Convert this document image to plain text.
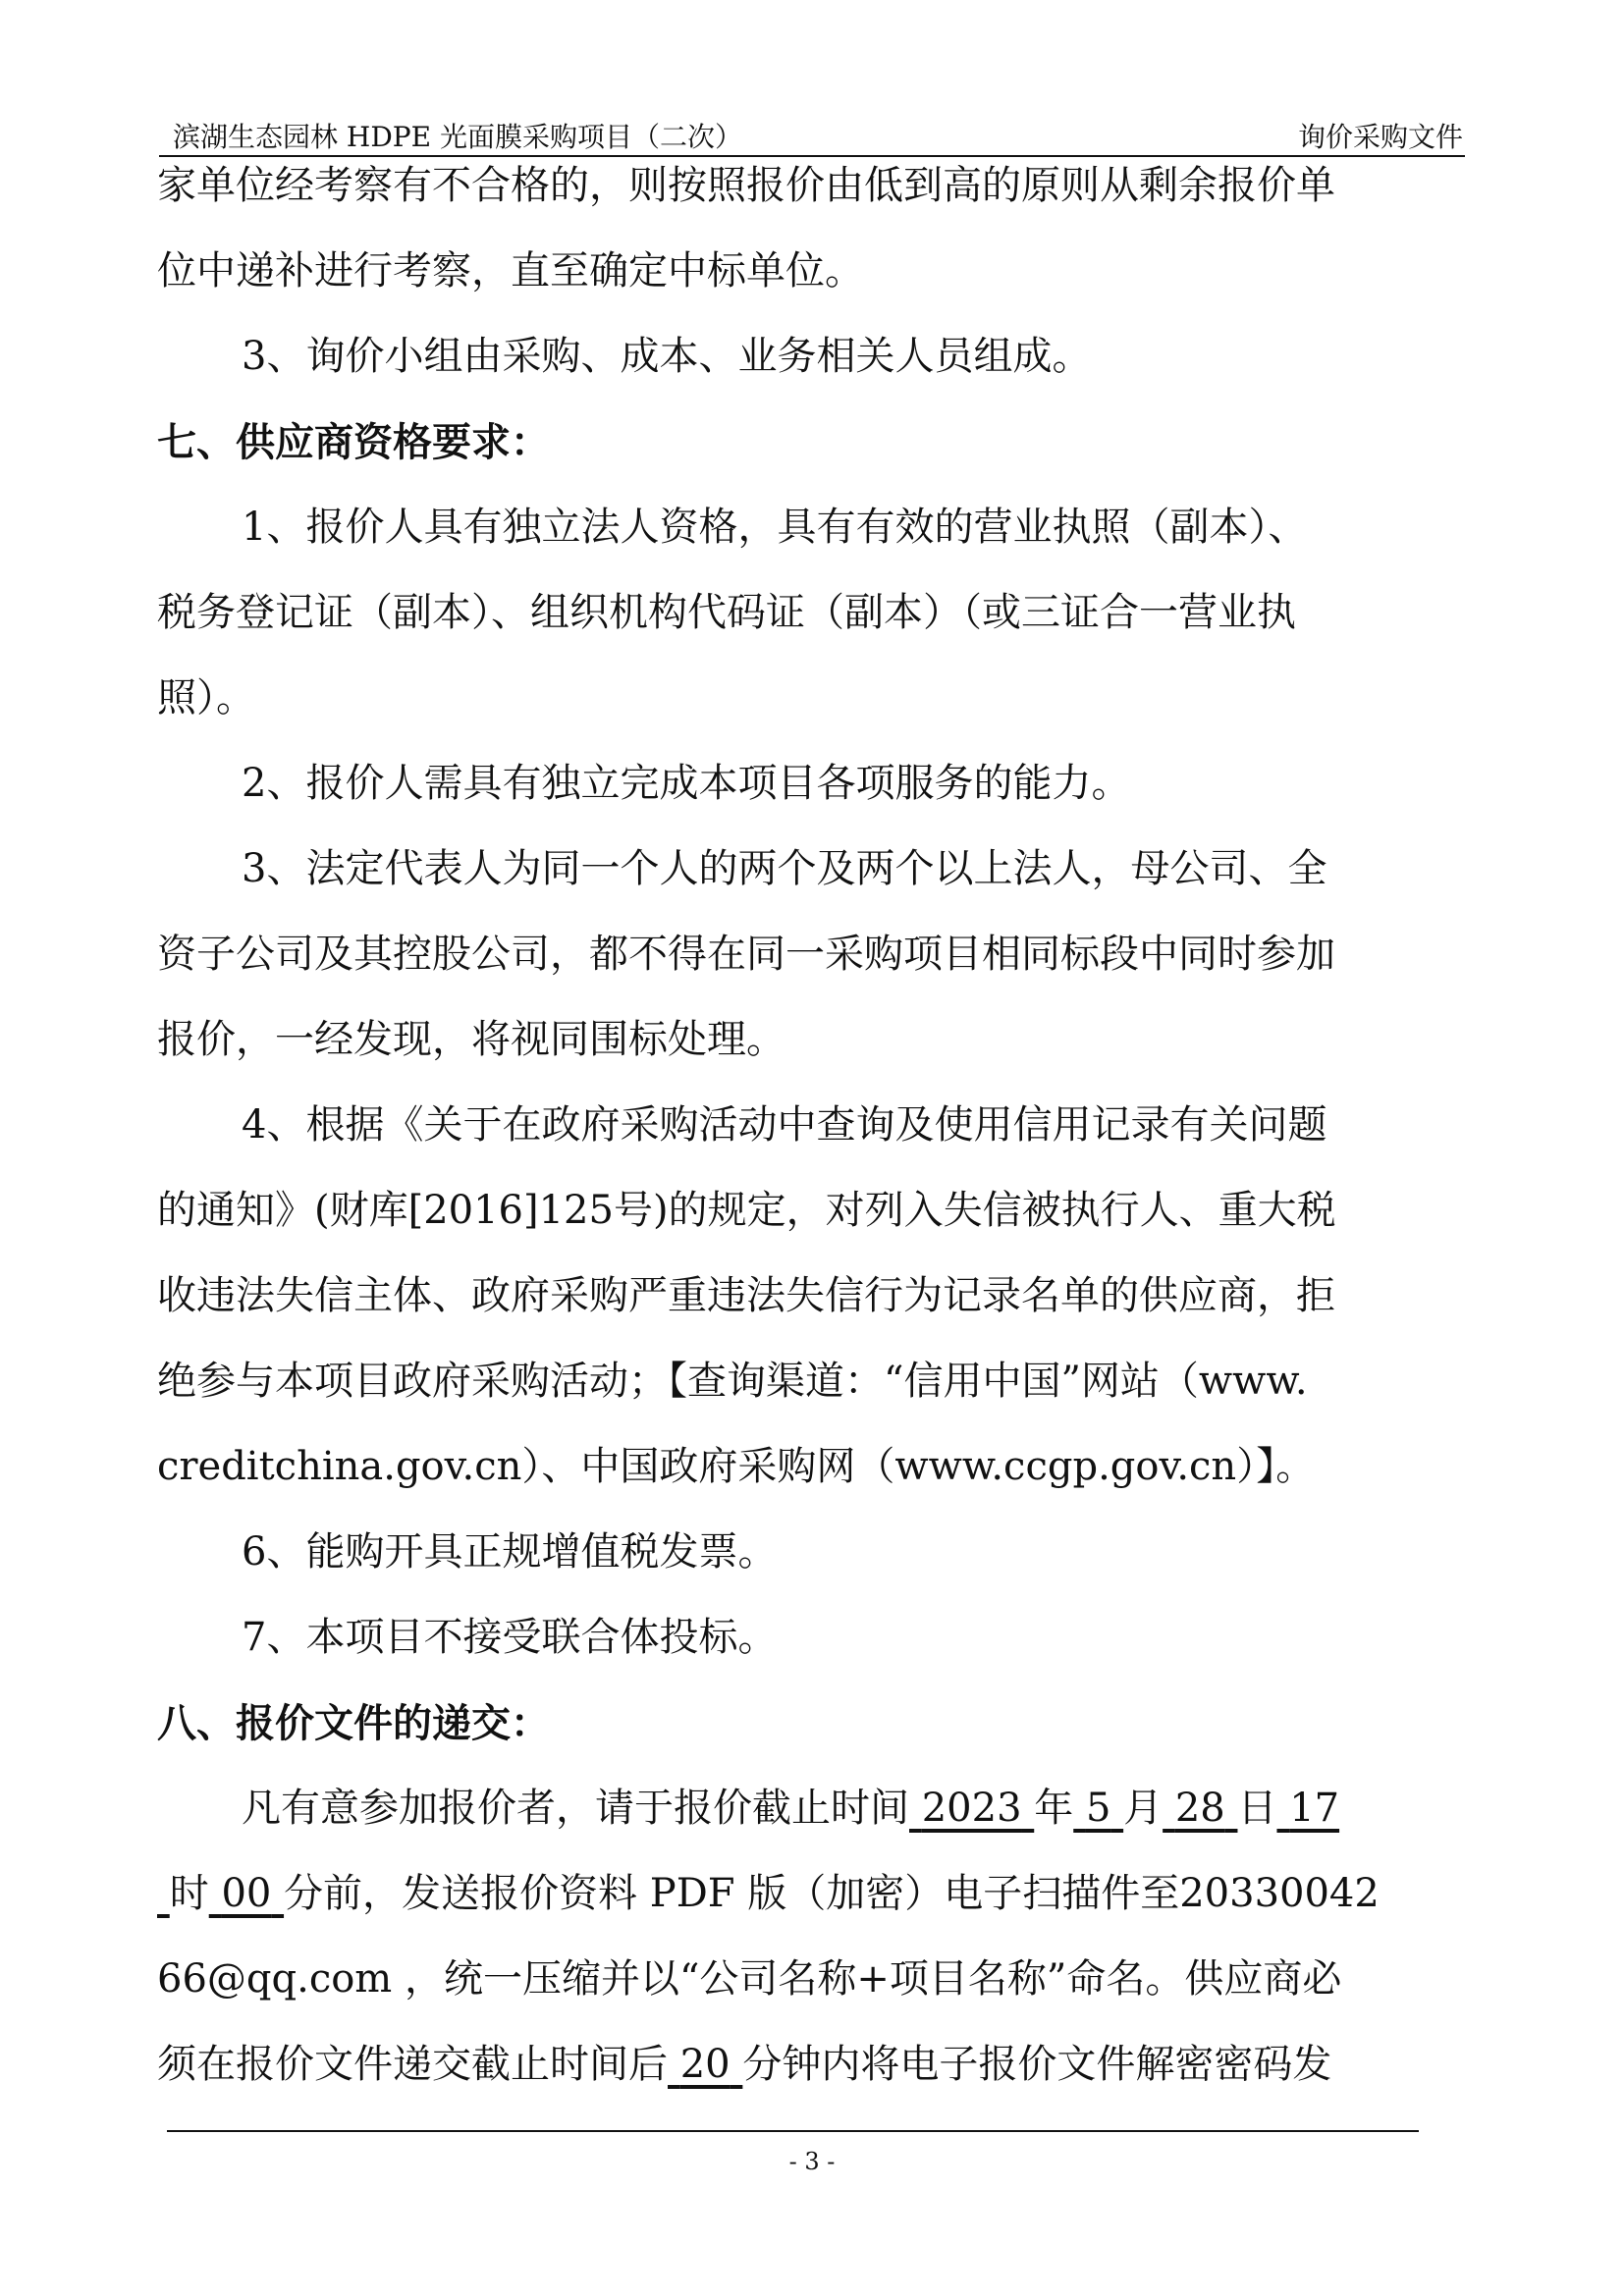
滨湖生态园林 HDPE 光面膜采购项目（二次）	询价采购文件
家单位经考察有不合格的，则按照报价由低到高的原则从剩余报价单
位中递补进行考察，直至确定中标单位。
3、询价小组由采购、成本、业务相关人员组成。
七、供应商资格要求：
1、报价人具有独立法人资格，具有有效的营业执照（副本）、
税务登记证（副本）、组织机构代码证（副本）（或三证合一营业执
照）。
2、报价人需具有独立完成本项目各项服务的能力。
3、法定代表人为同一个人的两个及两个以上法人，母公司、全
资子公司及其控股公司，都不得在同一采购项目相同标段中同时参加
报价，一经发现，将视同围标处理。
4、根据《关于在政府采购活动中查询及使用信用记录有关问题
的通知》(财库[2016]125号)的规定，对列入失信被执行人、重大税
收违法失信主体、政府采购严重违法失信行为记录名单的供应商，拒
绝参与本项目政府采购活动；【查询渠道：“信用中国”网站（www.
creditchina.gov.cn）、中国政府采购网（www.ccgp.gov.cn）】。
6、能购开具正规增值税发票。
7、本项目不接受联合体投标。
八、报价文件的递交：
凡有意参加报价者，请于报价截止时间 2023 年 5 月 28 日 17
时 00 分前，发送报价资料 PDF 版（加密）电子扫描件至20330042
66@qq.com ，统一压缩并以“公司名称+项目名称”命名。供应商必
须在报价文件递交截止时间后 20 分钟内将电子报价文件解密密码发
- 3 -
